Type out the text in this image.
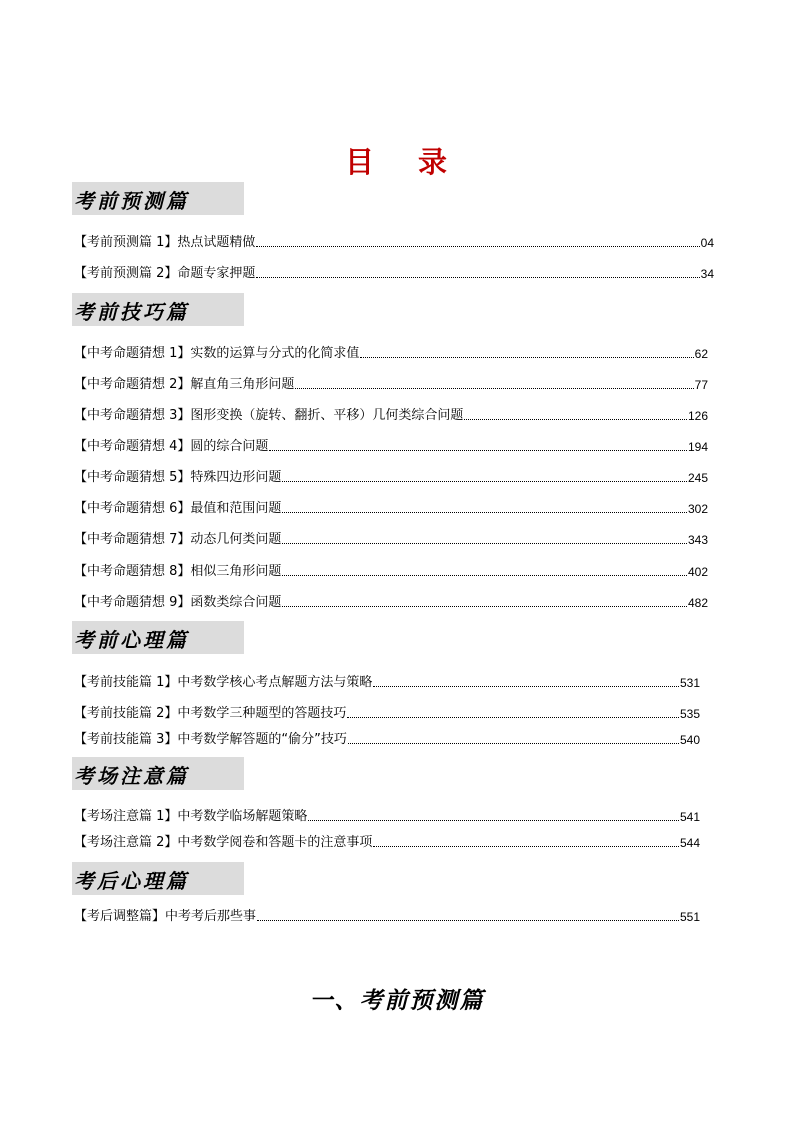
目 录
考前预测篇
【考前预测篇 1】热点试题精做	04
【考前预测篇 2】命题专家押题	34
考前技巧篇
【中考命题猜想 1】实数的运算与分式的化简求值	62
【中考命题猜想 2】解直角三角形问题	77
【中考命题猜想 3】图形变换（旋转、翻折、平移）几何类综合问题	126
【中考命题猜想 4】圆的综合问题	194
【中考命题猜想 5】特殊四边形问题	245
【中考命题猜想 6】最值和范围问题	302
【中考命题猜想 7】动态几何类问题	343
【中考命题猜想 8】相似三角形问题	402
【中考命题猜想 9】函数类综合问题	482
考前心理篇
【考前技能篇 1】中考数学核心考点解题方法与策略	531
【考前技能篇 2】中考数学三种题型的答题技巧	535
【考前技能篇 3】中考数学解答题的“偷分”技巧	540
考场注意篇
【考场注意篇 1】中考数学临场解题策略	541
【考场注意篇 2】中考数学阅卷和答题卡的注意事项	544
考后心理篇
【考后调整篇】中考考后那些事	551
一、考前预测篇
